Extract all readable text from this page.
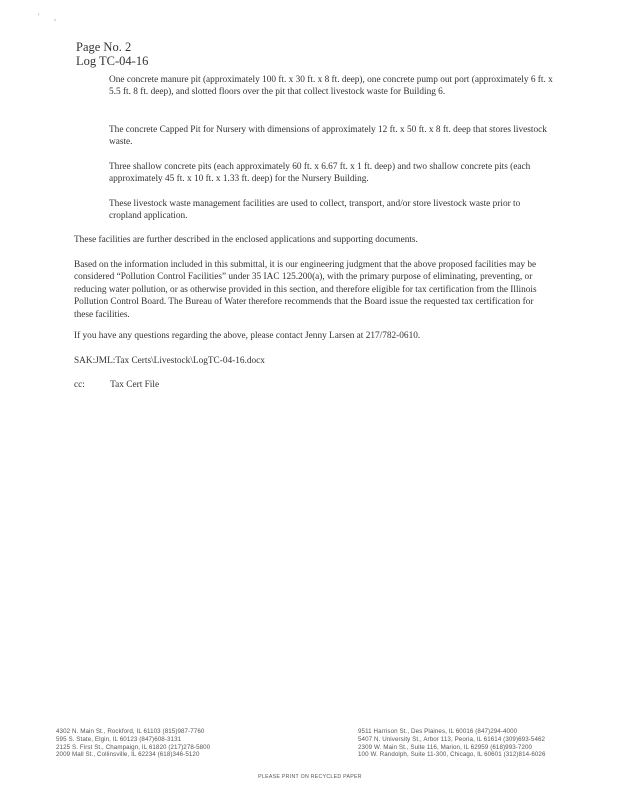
' ,
Page No. 2
Log TC-04-16

One concrete manure pit (approximately 100 ft. x 30 ft. x 8 ft. deep), one concrete pump out port (approximately 6 ft. x 5.5 ft. 8 ft. deep), and slotted floors over the pit that collect livestock waste for Building 6.

The concrete Capped Pit for Nursery with dimensions of approximately 12 ft. x 50 ft. x 8 ft. deep that stores livestock waste.

Three shallow concrete pits (each approximately 60 ft. x 6.67 ft. x 1 ft. deep) and two shallow concrete pits (each approximately 45 ft. x 10 ft. x 1.33 ft. deep) for the Nursery Building.

These livestock waste management facilities are used to collect, transport, and/or store livestock waste prior to cropland application.

These facilities are further described in the enclosed applications and supporting documents.

Based on the information included in this submittal, it is our engineering judgment that the above proposed facilities may be considered “Pollution Control Facilities” under 35 IAC 125.200(a), with the primary purpose of eliminating, preventing, or reducing water pollution, or as otherwise provided in this section, and therefore eligible for tax certification from the Illinois Pollution Control Board. The Bureau of Water therefore recommends that the Board issue the requested tax certification for these facilities.

If you have any questions regarding the above, please contact Jenny Larsen at 217/782-0610.

SAK:JML:Tax Certs\Livestock\LogTC-04-16.docx

cc:	Tax Cert File
4302 N. Main St., Rockford, IL 61103 (815)987-7760
595 S. State, Elgin, IL 60123 (847)608-3131
2125 S. First St., Champaign, IL 61820 (217)278-5800
2009 Mall St., Collinsville, IL 62234 (618)346-5120
9511 Harrison St., Des Plaines, IL 60016 (847)294-4000
5407 N. University St., Arbor 113, Peoria, IL 61614 (309)693-5462
2309 W. Main St., Suite 116, Marion, IL 62959 (618)993-7200
100 W. Randolph, Suite 11-300, Chicago, IL 60601 (312)814-6026
PLEASE PRINT ON RECYCLED PAPER
